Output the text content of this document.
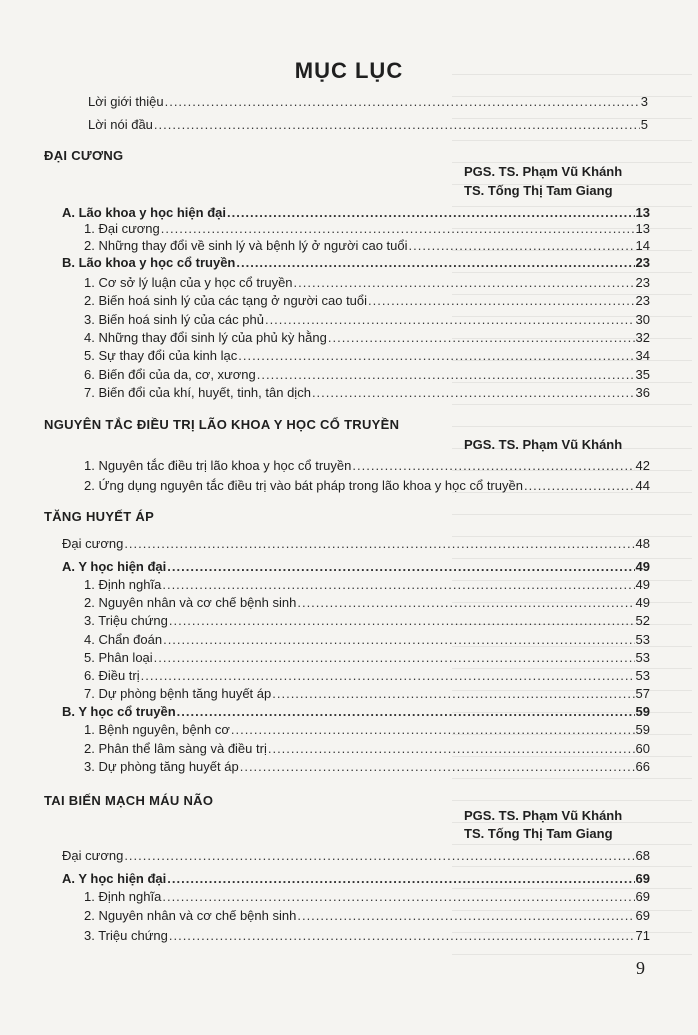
MỤC LỤC
Lời giới thiệu .....	3
Lời nói đầu .....	5
ĐẠI CƯƠNG
PGS. TS. Phạm Vũ Khánh
TS. Tống Thị Tam Giang
A. Lão khoa y học hiện đại .....	13
1. Đại cương .....	13
2. Những thay đổi về sinh lý và bệnh lý ở người cao tuổi .....	14
B. Lão khoa y học cổ truyền .....	23
1. Cơ sở lý luận của y học cổ truyền .....	23
2. Biến hoá sinh lý của các tạng ở người cao tuổi .....	23
3. Biến hoá sinh lý của các phủ .....	30
4. Những thay đổi sinh lý của phủ kỳ hằng .....	32
5. Sự thay đổi của kinh lạc .....	34
6. Biến đổi của da, cơ, xương .....	35
7. Biến đổi của khí, huyết, tinh, tân dịch .....	36
NGUYÊN TẮC ĐIỀU TRỊ LÃO KHOA Y HỌC CỔ TRUYỀN
PGS. TS. Phạm Vũ Khánh
1. Nguyên tắc điều trị lão khoa y học cổ truyền .....	42
2. Ứng dụng nguyên tắc điều trị vào bát pháp trong lão khoa y học cổ truyền .....	44
TĂNG HUYẾT ÁP
Đại cương .....	48
A. Y học hiện đại .....	49
1. Định nghĩa .....	49
2. Nguyên nhân và cơ chế bệnh sinh .....	49
3. Triệu chứng .....	52
4. Chẩn đoán .....	53
5. Phân loại .....	53
6. Điều trị .....	53
7. Dự phòng bệnh tăng huyết áp .....	57
B. Y học cổ truyền .....	59
1. Bệnh nguyên, bệnh cơ .....	59
2. Phân thể lâm sàng và điều trị .....	60
3. Dự phòng tăng huyết áp .....	66
TAI BIẾN MẠCH MÁU NÃO
PGS. TS. Phạm Vũ Khánh
TS. Tống Thị Tam Giang
Đại cương .....	68
A. Y học hiện đại .....	69
1. Định nghĩa .....	69
2. Nguyên nhân và cơ chế bệnh sinh .....	69
3. Triệu chứng .....	71
9
